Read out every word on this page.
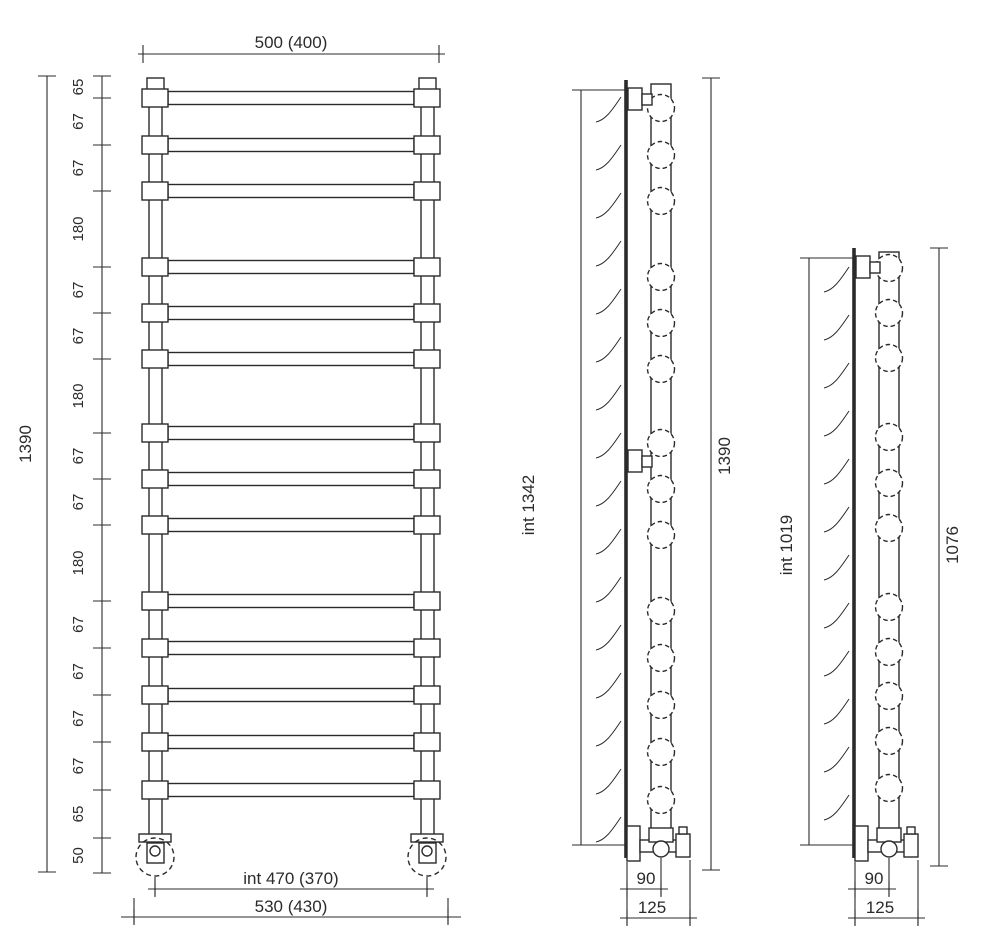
1390
65
67
67
180
67
67
180
67
67
180
67
67
67
67
65
50
500 (400)
int 470 (370)
530 (430)
int 1342
1390
90
125
int 1019	1076
90
125
